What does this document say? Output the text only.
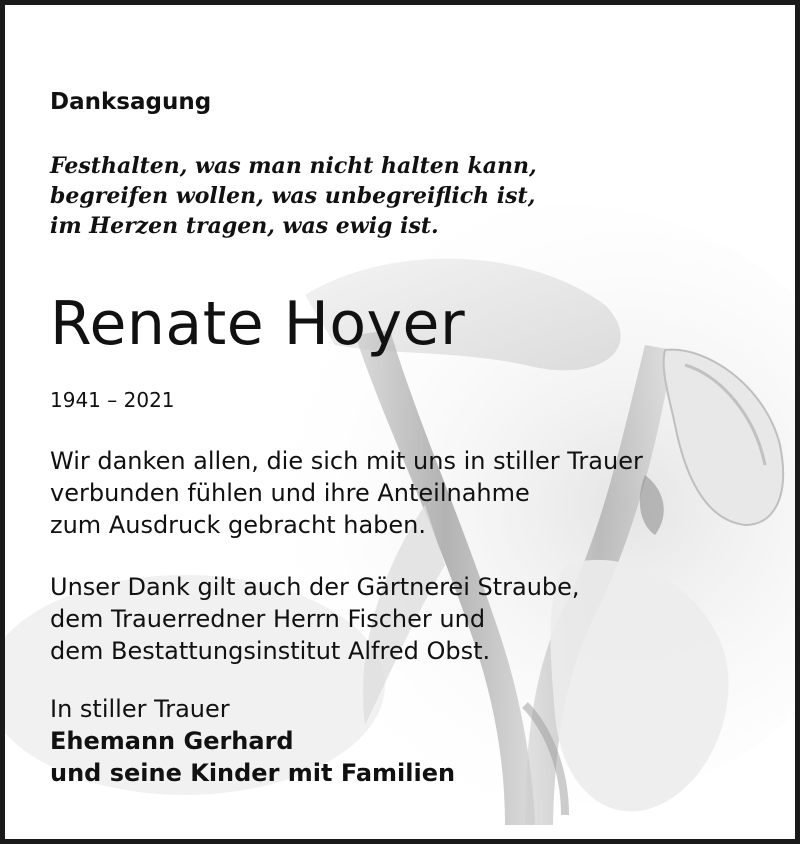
Danksagung
Festhalten, was man nicht halten kann,
begreifen wollen, was unbegreiflich ist,
im Herzen tragen, was ewig ist.
Renate Hoyer
1941 – 2021
Wir danken allen, die sich mit uns in stiller Trauer
verbunden fühlen und ihre Anteilnahme
zum Ausdruck gebracht haben.
Unser Dank gilt auch der Gärtnerei Straube,
dem Trauerredner Herrn Fischer und
dem Bestattungsinstitut Alfred Obst.
In stiller Trauer
Ehemann Gerhard
und seine Kinder mit Familien
